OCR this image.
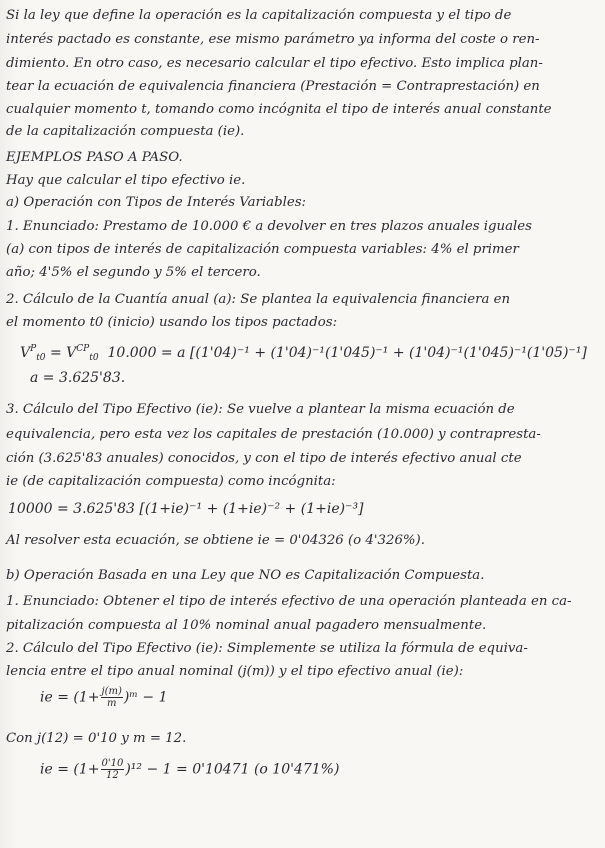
Si la ley que define la operación es la capitalización compuesta y el tipo de
interés pactado es constante, ese mismo parámetro ya informa del coste o ren-
dimiento. En otro caso, es necesario calcular el tipo efectivo. Esto implica plan-
tear la ecuación de equivalencia financiera (Prestación = Contraprestación) en
cualquier momento t, tomando como incógnita el tipo de interés anual constante
de la capitalización compuesta (ie).
EJEMPLOS PASO A PASO.
Hay que calcular el tipo efectivo ie.
a) Operación con Tipos de Interés Variables:
1. Enunciado: Prestamo de 10.000 € a devolver en tres plazos anuales iguales
(a) con tipos de interés de capitalización compuesta variables: 4% el primer
año; 4'5% el segundo y 5% el tercero.
2. Cálculo de la Cuantía anual (a): Se plantea la equivalencia financiera en
el momento t0 (inicio) usando los tipos pactados:
$V^P_{t0} = V^{CP}_{t0}$ 10.000 = a [(1'04)⁻¹ + (1'04)⁻¹(1'045)⁻¹ + (1'04)⁻¹(1'045)⁻¹(1'05)⁻¹]
a = 3.625'83.
3. Cálculo del Tipo Efectivo (ie): Se vuelve a plantear la misma ecuación de
equivalencia, pero esta vez los capitales de prestación (10.000) y contrapresta-
ción (3.625'83 anuales) conocidos, y con el tipo de interés efectivo anual cte
ie (de capitalización compuesta) como incógnita:
10000 = 3.625'83 [(1+ie)⁻¹ + (1+ie)⁻² + (1+ie)⁻³]
Al resolver esta ecuación, se obtiene ie = 0'04326 (o 4'326%).
b) Operación Basada en una Ley que NO es Capitalización Compuesta.
1. Enunciado: Obtener el tipo de interés efectivo de una operación planteada en ca-
pitalización compuesta al 10% nominal anual pagadero mensualmente.
2. Cálculo del Tipo Efectivo (ie): Simplemente se utiliza la fórmula de equiva-
lencia entre el tipo anual nominal (j(m)) y el tipo efectivo anual (ie):
ie = ($1+ \frac{j(m)}{m}$ )ᵐ − 1
Con j(12) = 0'10 y m = 12.
ie = $(1+ \frac{0'10}{12} )^{12} - 1 = 0'10471$ (o 10'471%)
